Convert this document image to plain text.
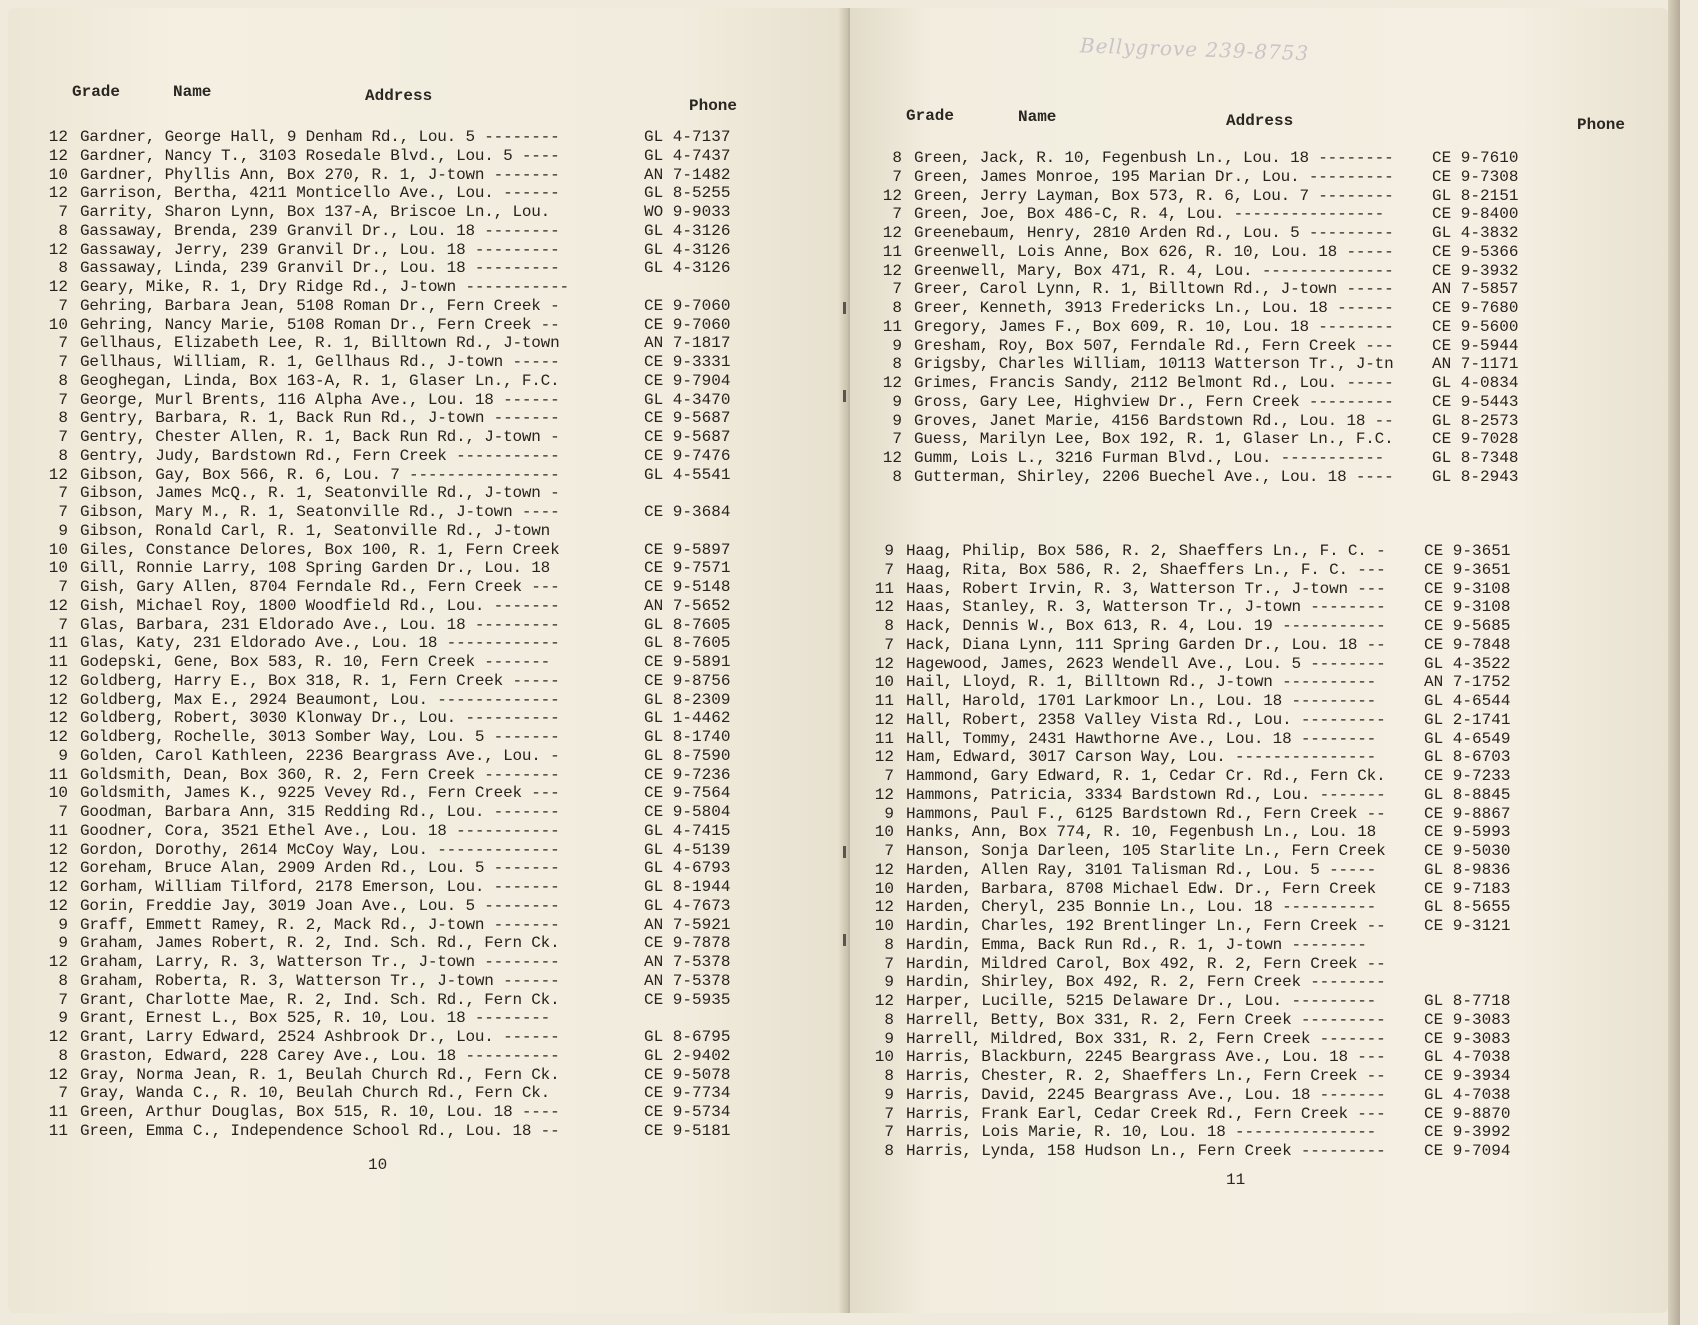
Grade	Name	Address
Phone
12 Gardner, George Hall, 9 Denham Rd., Lou. 5 --------	GL 4-7137
12 Gardner, Nancy T., 3103 Rosedale Blvd., Lou. 5 ----	GL 4-7437
10 Gardner, Phyllis Ann, Box 270, R. 1, J-town -------	AN 7-1482
12 Garrison, Bertha, 4211 Monticello Ave., Lou. ------	GL 8-5255
7 Garrity, Sharon Lynn, Box 137-A, Briscoe Ln., Lou.	WO 9-9033
8 Gassaway, Brenda, 239 Granvil Dr., Lou. 18 --------	GL 4-3126
12 Gassaway, Jerry, 239 Granvil Dr., Lou. 18 ---------	GL 4-3126
8 Gassaway, Linda, 239 Granvil Dr., Lou. 18 ---------	GL 4-3126
12 Geary, Mike, R. 1, Dry Ridge Rd., J-town -----------
7 Gehring, Barbara Jean, 5108 Roman Dr., Fern Creek -	CE 9-7060
10 Gehring, Nancy Marie, 5108 Roman Dr., Fern Creek --	CE 9-7060
7 Gellhaus, Elizabeth Lee, R. 1, Billtown Rd., J-town	AN 7-1817
7 Gellhaus, William, R. 1, Gellhaus Rd., J-town -----	CE 9-3331
8 Geoghegan, Linda, Box 163-A, R. 1, Glaser Ln., F.C.	CE 9-7904
7 George, Murl Brents, 116 Alpha Ave., Lou. 18 ------	GL 4-3470
8 Gentry, Barbara, R. 1, Back Run Rd., J-town -------	CE 9-5687
7 Gentry, Chester Allen, R. 1, Back Run Rd., J-town -	CE 9-5687
8 Gentry, Judy, Bardstown Rd., Fern Creek -----------	CE 9-7476
12 Gibson, Gay, Box 566, R. 6, Lou. 7 ----------------	GL 4-5541
7 Gibson, James McQ., R. 1, Seatonville Rd., J-town -
7 Gibson, Mary M., R. 1, Seatonville Rd., J-town ----	CE 9-3684
9 Gibson, Ronald Carl, R. 1, Seatonville Rd., J-town
10 Giles, Constance Delores, Box 100, R. 1, Fern Creek	CE 9-5897
10 Gill, Ronnie Larry, 108 Spring Garden Dr., Lou. 18	CE 9-7571
7 Gish, Gary Allen, 8704 Ferndale Rd., Fern Creek ---	CE 9-5148
12 Gish, Michael Roy, 1800 Woodfield Rd., Lou. -------	AN 7-5652
7 Glas, Barbara, 231 Eldorado Ave., Lou. 18 ---------	GL 8-7605
11 Glas, Katy, 231 Eldorado Ave., Lou. 18 ------------	GL 8-7605
11 Godepski, Gene, Box 583, R. 10, Fern Creek -------	CE 9-5891
12 Goldberg, Harry E., Box 318, R. 1, Fern Creek -----	CE 9-8756
12 Goldberg, Max E., 2924 Beaumont, Lou. -------------	GL 8-2309
12 Goldberg, Robert, 3030 Klonway Dr., Lou. ----------	GL 1-4462
12 Goldberg, Rochelle, 3013 Somber Way, Lou. 5 -------	GL 8-1740
9 Golden, Carol Kathleen, 2236 Beargrass Ave., Lou. -	GL 8-7590
11 Goldsmith, Dean, Box 360, R. 2, Fern Creek --------	CE 9-7236
10 Goldsmith, James K., 9225 Vevey Rd., Fern Creek ---	CE 9-7564
7 Goodman, Barbara Ann, 315 Redding Rd., Lou. -------	CE 9-5804
11 Goodner, Cora, 3521 Ethel Ave., Lou. 18 -----------	GL 4-7415
12 Gordon, Dorothy, 2614 McCoy Way, Lou. -------------	GL 4-5139
12 Goreham, Bruce Alan, 2909 Arden Rd., Lou. 5 -------	GL 4-6793
12 Gorham, William Tilford, 2178 Emerson, Lou. -------	GL 8-1944
12 Gorin, Freddie Jay, 3019 Joan Ave., Lou. 5 --------	GL 4-7673
9 Graff, Emmett Ramey, R. 2, Mack Rd., J-town -------	AN 7-5921
9 Graham, James Robert, R. 2, Ind. Sch. Rd., Fern Ck.	CE 9-7878
12 Graham, Larry, R. 3, Watterson Tr., J-town --------	AN 7-5378
8 Graham, Roberta, R. 3, Watterson Tr., J-town ------	AN 7-5378
7 Grant, Charlotte Mae, R. 2, Ind. Sch. Rd., Fern Ck.	CE 9-5935
9 Grant, Ernest L., Box 525, R. 10, Lou. 18 --------
12 Grant, Larry Edward, 2524 Ashbrook Dr., Lou. ------	GL 8-6795
8 Graston, Edward, 228 Carey Ave., Lou. 18 ----------	GL 2-9402
12 Gray, Norma Jean, R. 1, Beulah Church Rd., Fern Ck.	CE 9-5078
7 Gray, Wanda C., R. 10, Beulah Church Rd., Fern Ck.	CE 9-7734
11 Green, Arthur Douglas, Box 515, R. 10, Lou. 18 ----	CE 9-5734
11 Green, Emma C., Independence School Rd., Lou. 18 --	CE 9-5181
10
Bellygrove 239-8753
Grade	Name	Address	Phone
8 Green, Jack, R. 10, Fegenbush Ln., Lou. 18 -------- CE 9-7610
7 Green, James Monroe, 195 Marian Dr., Lou. --------- CE 9-7308
12 Green, Jerry Layman, Box 573, R. 6, Lou. 7 -------- GL 8-2151
7 Green, Joe, Box 486-C, R. 4, Lou. ----------------	CE 9-8400
12 Greenebaum, Henry, 2810 Arden Rd., Lou. 5 --------- GL 4-3832
11 Greenwell, Lois Anne, Box 626, R. 10, Lou. 18 ----- CE 9-5366
12 Greenwell, Mary, Box 471, R. 4, Lou. -------------- CE 9-3932
7 Greer, Carol Lynn, R. 1, Billtown Rd., J-town ----- AN 7-5857
8 Greer, Kenneth, 3913 Fredericks Ln., Lou. 18 ------ CE 9-7680
11 Gregory, James F., Box 609, R. 10, Lou. 18 -------- CE 9-5600
9 Gresham, Roy, Box 507, Ferndale Rd., Fern Creek --- CE 9-5944
8 Grigsby, Charles William, 10113 Watterson Tr., J-tn AN 7-1171
12 Grimes, Francis Sandy, 2112 Belmont Rd., Lou. ----- GL 4-0834
9 Gross, Gary Lee, Highview Dr., Fern Creek --------- CE 9-5443
9 Groves, Janet Marie, 4156 Bardstown Rd., Lou. 18 -- GL 8-2573
7 Guess, Marilyn Lee, Box 192, R. 1, Glaser Ln., F.C. CE 9-7028
12 Gumm, Lois L., 3216 Furman Blvd., Lou. -----------	GL 8-7348
8 Gutterman, Shirley, 2206 Buechel Ave., Lou. 18 ---- GL 8-2943
9 Haag, Philip, Box 586, R. 2, Shaeffers Ln., F. C. - CE 9-3651
7 Haag, Rita, Box 586, R. 2, Shaeffers Ln., F. C. --- CE 9-3651
11 Haas, Robert Irvin, R. 3, Watterson Tr., J-town --- CE 9-3108
12 Haas, Stanley, R. 3, Watterson Tr., J-town -------- CE 9-3108
8 Hack, Dennis W., Box 613, R. 4, Lou. 19 ----------- CE 9-5685
7 Hack, Diana Lynn, 111 Spring Garden Dr., Lou. 18 -- CE 9-7848
12 Hagewood, James, 2623 Wendell Ave., Lou. 5 -------- GL 4-3522
10 Hail, Lloyd, R. 1, Billtown Rd., J-town ----------	AN 7-1752
11 Hall, Harold, 1701 Larkmoor Ln., Lou. 18 ---------	GL 4-6544
12 Hall, Robert, 2358 Valley Vista Rd., Lou. --------- GL 2-1741
11 Hall, Tommy, 2431 Hawthorne Ave., Lou. 18 --------	GL 4-6549
12 Ham, Edward, 3017 Carson Way, Lou. ---------------	GL 8-6703
7 Hammond, Gary Edward, R. 1, Cedar Cr. Rd., Fern Ck. CE 9-7233
12 Hammons, Patricia, 3334 Bardstown Rd., Lou. ------- GL 8-8845
9 Hammons, Paul F., 6125 Bardstown Rd., Fern Creek -- CE 9-8867
10 Hanks, Ann, Box 774, R. 10, Fegenbush Ln., Lou. 18	CE 9-5993
7 Hanson, Sonja Darleen, 105 Starlite Ln., Fern Creek CE 9-5030
12 Harden, Allen Ray, 3101 Talisman Rd., Lou. 5 -----	GL 8-9836
10 Harden, Barbara, 8708 Michael Edw. Dr., Fern Creek	CE 9-7183
12 Harden, Cheryl, 235 Bonnie Ln., Lou. 18 ----------	GL 8-5655
10 Hardin, Charles, 192 Brentlinger Ln., Fern Creek -- CE 9-3121
8 Hardin, Emma, Back Run Rd., R. 1, J-town --------
7 Hardin, Mildred Carol, Box 492, R. 2, Fern Creek --
9 Hardin, Shirley, Box 492, R. 2, Fern Creek --------
12 Harper, Lucille, 5215 Delaware Dr., Lou. ---------	GL 8-7718
8 Harrell, Betty, Box 331, R. 2, Fern Creek --------- CE 9-3083
9 Harrell, Mildred, Box 331, R. 2, Fern Creek ------- CE 9-3083
10 Harris, Blackburn, 2245 Beargrass Ave., Lou. 18 --- GL 4-7038
8 Harris, Chester, R. 2, Shaeffers Ln., Fern Creek -- CE 9-3934
9 Harris, David, 2245 Beargrass Ave., Lou. 18 ------- GL 4-7038
7 Harris, Frank Earl, Cedar Creek Rd., Fern Creek --- CE 9-8870
7 Harris, Lois Marie, R. 10, Lou. 18 ---------------	CE 9-3992
8 Harris, Lynda, 158 Hudson Ln., Fern Creek --------- CE 9-7094
11
